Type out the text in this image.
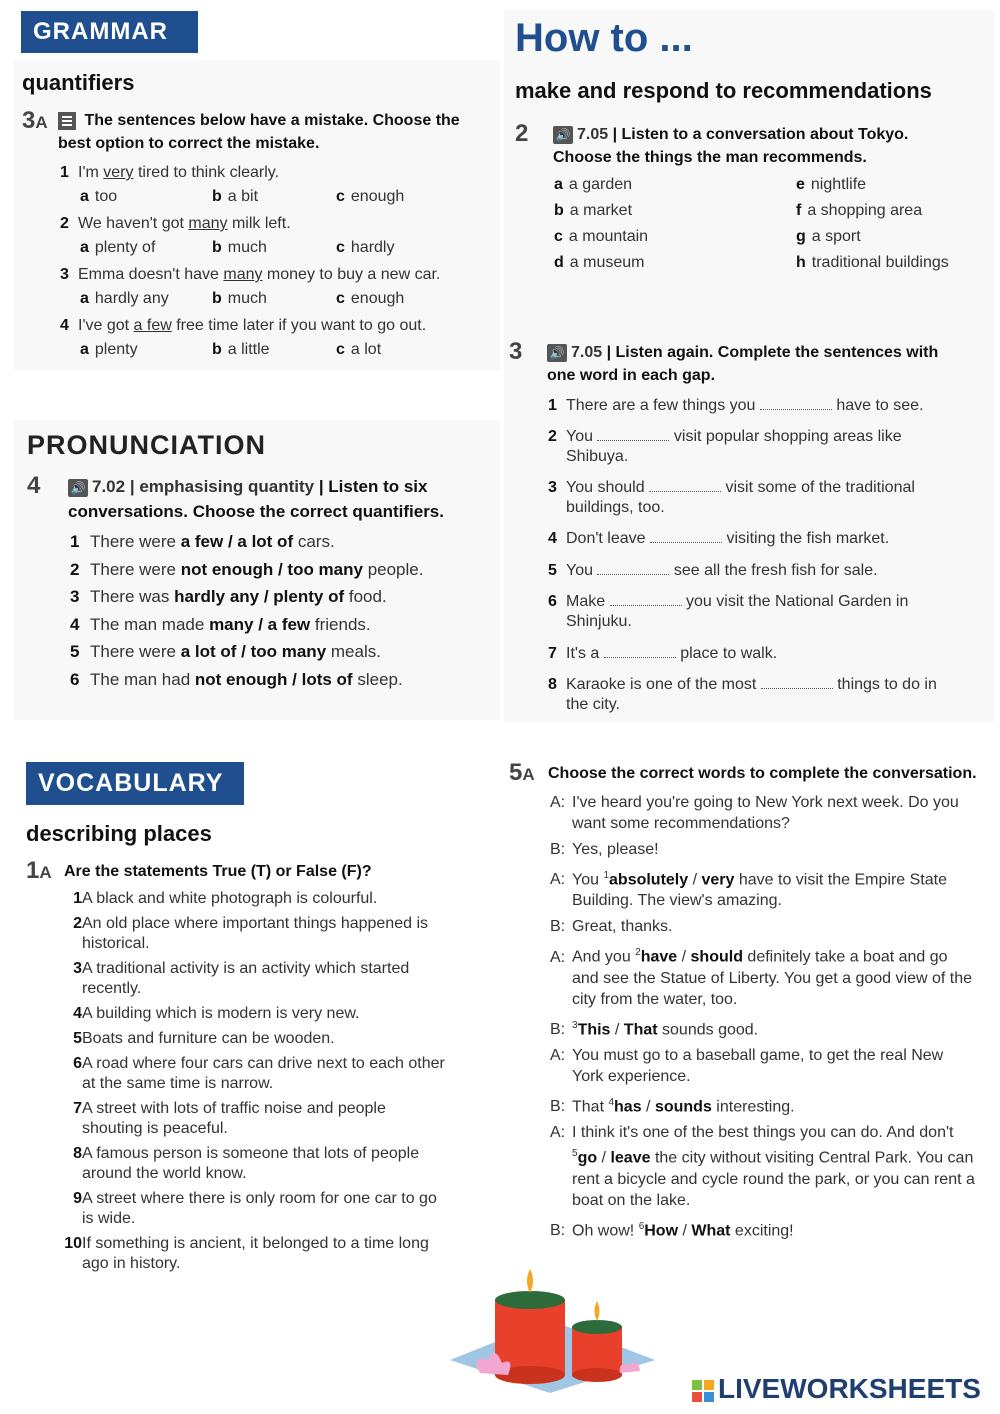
GRAMMAR
quantifiers
3A	The sentences below have a mistake. Choose the
best option to correct the mistake.
1 I'm very tired to think clearly.
a too	b a bit	c enough
2 We haven't got many milk left.
a plenty of	b much	c hardly
3 Emma doesn't have many money to buy a new car.
a hardly any	b much	c enough
4 I've got a few free time later if you want to go out.
a plenty	b a little	c a lot
PRONUNCIATION
4	🔊 7.02 | emphasising quantity | Listen to six
conversations. Choose the correct quantifiers.
1 There were a few / a lot of cars.
2 There were not enough / too many people.
3 There was hardly any / plenty of food.
4 The man made many / a few friends.
5 There were a lot of / too many meals.
6 The man had not enough / lots of sleep.
VOCABULARY
describing places
1A Are the statements True (T) or False (F)?
1A black and white photograph is colourful.
2An old place where important things happened is
historical.
3A traditional activity is an activity which started
recently.
4A building which is modern is very new.
5Boats and furniture can be wooden.
6A road where four cars can drive next to each other
at the same time is narrow.
7A street with lots of traffic noise and people
shouting is peaceful.
8A famous person is someone that lots of people
around the world know.
9A street where there is only room for one car to go
is wide.
10If something is ancient, it belonged to a time long
ago in history.
How to ...
make and respond to recommendations
2 🔊 7.05 | Listen to a conversation about Tokyo.
Choose the things the man recommends.
a a garden
b a market
c a mountain
d a museum
e nightlife
f a shopping area
g a sport
h traditional buildings
3 🔊 7.05 | Listen again. Complete the sentences with
one word in each gap.
1 There are a few things you	have to see.
2 You	visit popular shopping areas like
Shibuya.
3 You should	visit some of the traditional
buildings, too.
4 Don't leave	visiting the fish market.
5 You	see all the fresh fish for sale.
6 Make	you visit the National Garden in
Shinjuku.
7 It's a	place to walk.
8 Karaoke is one of the most	things to do in
the city.
5A Choose the correct words to complete the conversation.
A: I've heard you're going to New York next week. Do you want some recommendations?
B: Yes, please!
A: You $^1$absolutely / very have to visit the Empire State Building. The view's amazing.
B: Great, thanks.
A: And you $^2$have / should definitely take a boat and go and see the Statue of Liberty. You get a good view of the city from the water, too.
B: $^3$This / That sounds good.
A: You must go to a baseball game, to get the real New York experience.
B: That $^4$has / sounds interesting.
A: I think it's one of the best things you can do. And don't $^5$go / leave the city without visiting Central Park. You can rent a bicycle and cycle round the park, or you can rent a boat on the lake.
B: Oh wow! $^6$How / What exciting!
LIVEWORKSHEETS
